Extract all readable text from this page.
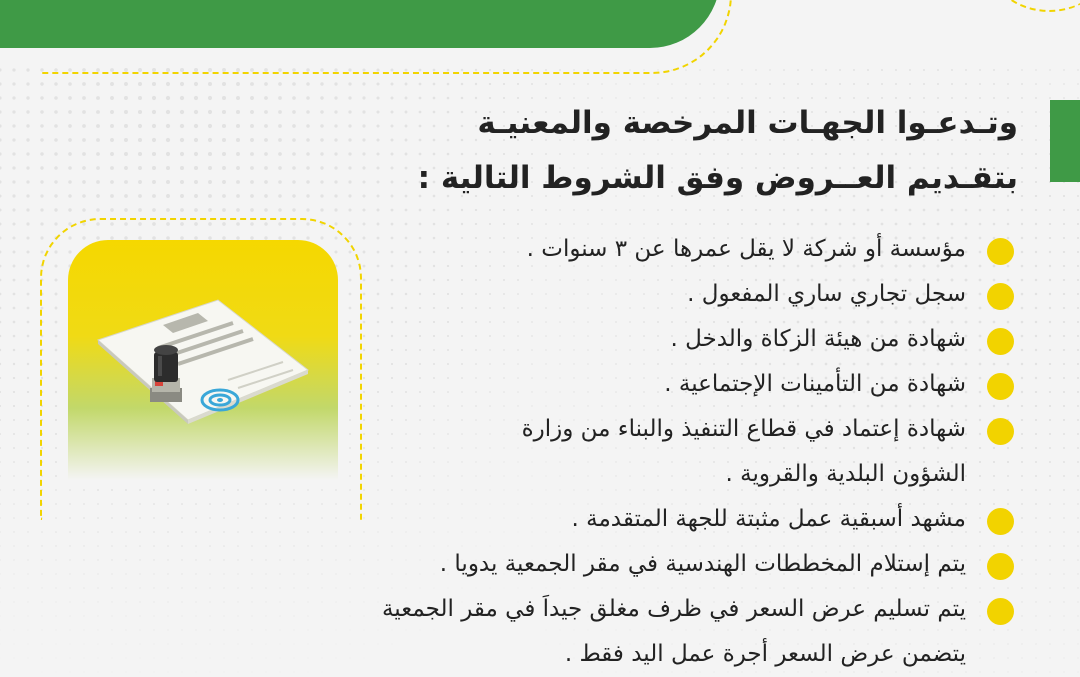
وتـدعـوا الجهـات المرخصة والمعنيـة
بتقـديم العــروض وفق الشروط التالية :
مؤسسة أو شركة لا يقل عمرها عن ٣ سنوات .
سجل تجاري ساري المفعول .
شهادة من هيئة الزكاة والدخل .
شهادة من التأمينات الإجتماعية .
شهادة إعتماد في قطاع التنفيذ والبناء من وزارة الشؤون البلدية والقروية .
مشهد أسبقية عمل مثبتة للجهة المتقدمة .
يتم إستلام المخططات الهندسية في مقر الجمعية يدويا .
يتم تسليم عرض السعر في ظرف مغلق جيداَ في مقر الجمعية يتضمن عرض السعر أجرة عمل اليد فقط .
